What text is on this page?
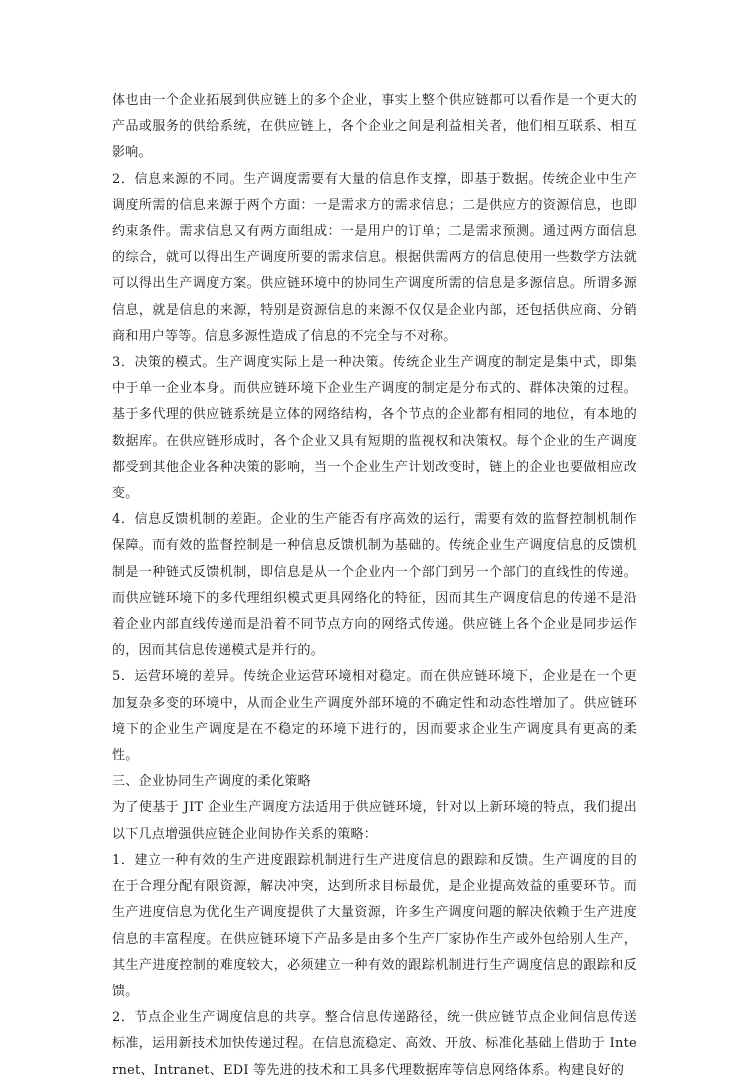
体也由一个企业拓展到供应链上的多个企业，事实上整个供应链都可以看作是一个更大的产品或服务的供给系统，在供应链上，各个企业之间是利益相关者，他们相互联系、相互影响。

2．信息来源的不同。生产调度需要有大量的信息作支撑，即基于数据。传统企业中生产调度所需的信息来源于两个方面：一是需求方的需求信息；二是供应方的资源信息，也即约束条件。需求信息又有两方面组成：一是用户的订单；二是需求预测。通过两方面信息的综合，就可以得出生产调度所要的需求信息。根据供需两方的信息使用一些数学方法就可以得出生产调度方案。供应链环境中的协同生产调度所需的信息是多源信息。所谓多源信息，就是信息的来源，特别是资源信息的来源不仅仅是企业内部，还包括供应商、分销商和用户等等。信息多源性造成了信息的不完全与不对称。

3．决策的模式。生产调度实际上是一种决策。传统企业生产调度的制定是集中式，即集中于单一企业本身。而供应链环境下企业生产调度的制定是分布式的、群体决策的过程。基于多代理的供应链系统是立体的网络结构，各个节点的企业都有相同的地位，有本地的数据库。在供应链形成时，各个企业又具有短期的监视权和决策权。每个企业的生产调度都受到其他企业各种决策的影响，当一个企业生产计划改变时，链上的企业也要做相应改变。

4．信息反馈机制的差距。企业的生产能否有序高效的运行，需要有效的监督控制机制作保障。而有效的监督控制是一种信息反馈机制为基础的。传统企业生产调度信息的反馈机制是一种链式反馈机制，即信息是从一个企业内一个部门到另一个部门的直线性的传递。而供应链环境下的多代理组织模式更具网络化的特征，因而其生产调度信息的传递不是沿着企业内部直线传递而是沿着不同节点方向的网络式传递。供应链上各个企业是同步运作的，因而其信息传递模式是并行的。

5．运营环境的差异。传统企业运营环境相对稳定。而在供应链环境下，企业是在一个更加复杂多变的环境中，从而企业生产调度外部环境的不确定性和动态性增加了。供应链环境下的企业生产调度是在不稳定的环境下进行的，因而要求企业生产调度具有更高的柔性。

三、企业协同生产调度的柔化策略

为了使基于 JIT 企业生产调度方法适用于供应链环境，针对以上新环境的特点，我们提出以下几点增强供应链企业间协作关系的策略：

1．建立一种有效的生产进度跟踪机制进行生产进度信息的跟踪和反馈。生产调度的目的在于合理分配有限资源，解决冲突，达到所求目标最优，是企业提高效益的重要环节。而生产进度信息为优化生产调度提供了大量资源，许多生产调度问题的解决依赖于生产进度信息的丰富程度。在供应链环境下产品多是由多个生产厂家协作生产或外包给别人生产，其生产进度控制的难度较大，必须建立一种有效的跟踪机制进行生产调度信息的跟踪和反馈。

2．节点企业生产调度信息的共享。整合信息传递路径，统一供应链节点企业间信息传送标准，运用新技术加快传递过程。在信息流稳定、高效、开放、标准化基础上借助于 Internet、Intranet、EDI 等先进的技术和工具多代理数据库等信息网络体系。构建良好的
